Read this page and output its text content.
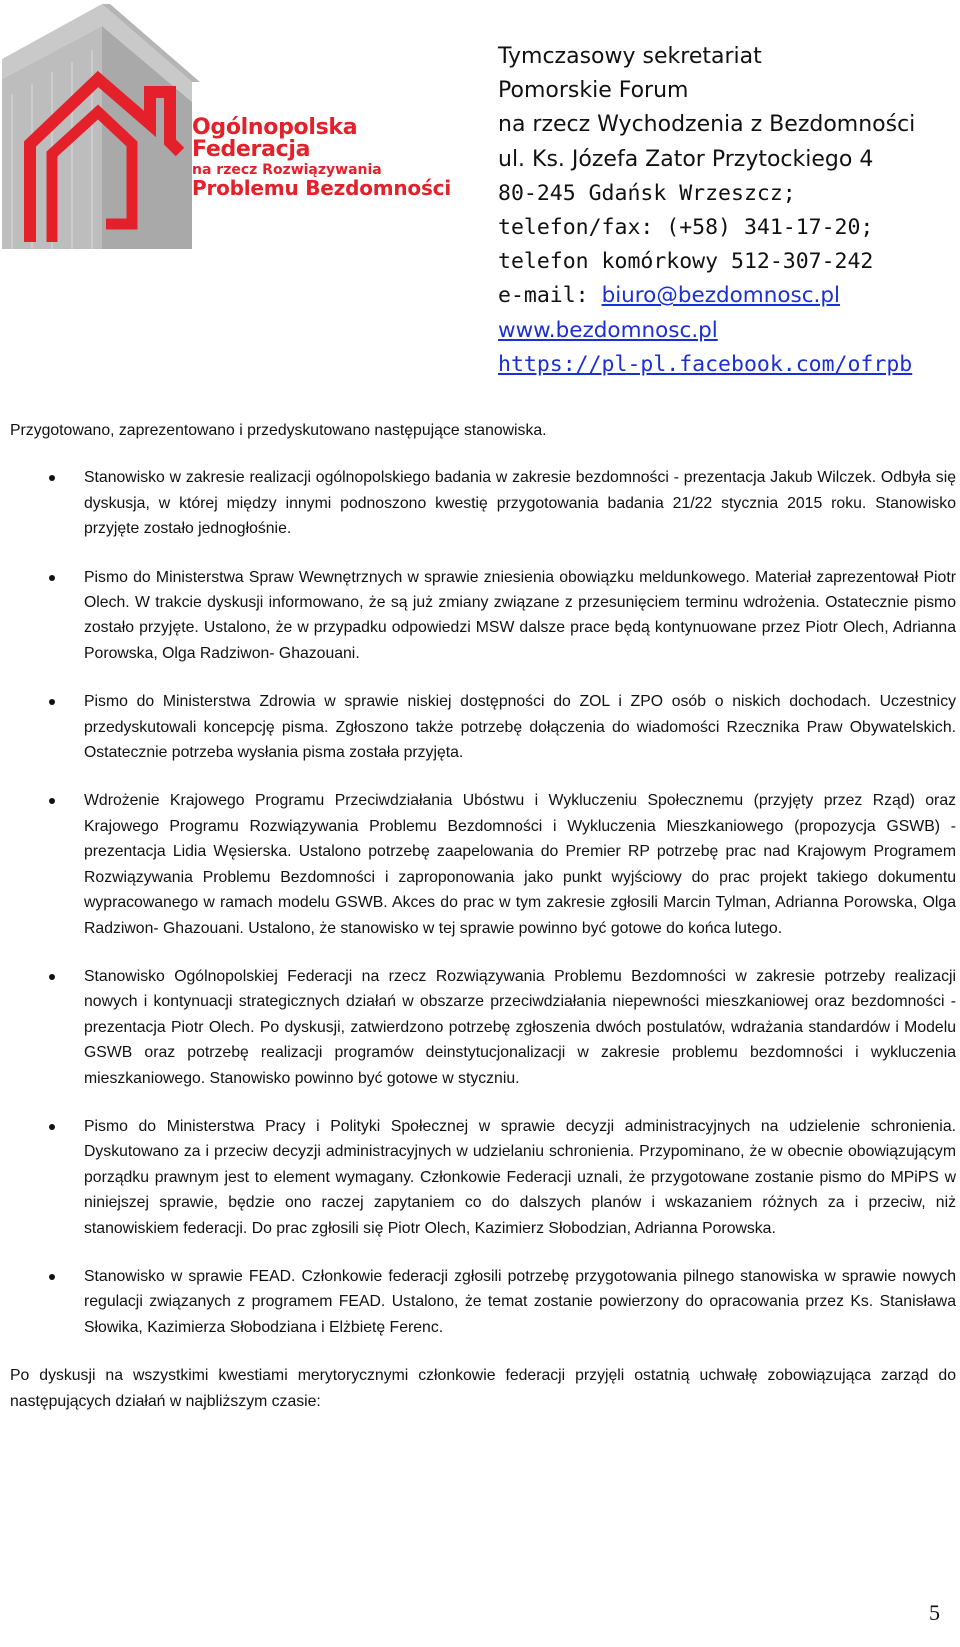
Ogólnopolska Federacja
na rzecz Rozwiązywania
Problemu Bezdomności
Tymczasowy sekretariat
Pomorskie Forum
na rzecz Wychodzenia z Bezdomności
ul. Ks. Józefa Zator Przytockiego 4
80-245 Gdańsk Wrzeszcz;
telefon/fax: (+58) 341-17-20;
telefon komórkowy 512-307-242
e-mail: biuro@bezdomnosc.pl
www.bezdomnosc.pl
https://pl-pl.facebook.com/ofrpb

Przygotowano, zaprezentowano i przedyskutowano następujące stanowiska.

Stanowisko w zakresie realizacji ogólnopolskiego badania w zakresie bezdomności - prezentacja Jakub Wilczek. Odbyła się dyskusja, w której między innymi podnoszono kwestię przygotowania badania 21/22 stycznia 2015 roku. Stanowisko przyjęte zostało jednogłośnie.
Pismo do Ministerstwa Spraw Wewnętrznych w sprawie zniesienia obowiązku meldunkowego. Materiał zaprezentował Piotr Olech. W trakcie dyskusji informowano, że są już zmiany związane z przesunięciem terminu wdrożenia. Ostatecznie pismo zostało przyjęte. Ustalono, że w przypadku odpowiedzi MSW dalsze prace będą kontynuowane przez Piotr Olech, Adrianna Porowska, Olga Radziwon- Ghazouani.
Pismo do Ministerstwa Zdrowia w sprawie niskiej dostępności do ZOL i ZPO osób o niskich dochodach. Uczestnicy przedyskutowali koncepcję pisma. Zgłoszono także potrzebę dołączenia do wiadomości Rzecznika Praw Obywatelskich. Ostatecznie potrzeba wysłania pisma została przyjęta.
Wdrożenie Krajowego Programu Przeciwdziałania Ubóstwu i Wykluczeniu Społecznemu (przyjęty przez Rząd) oraz Krajowego Programu Rozwiązywania Problemu Bezdomności i Wykluczenia Mieszkaniowego (propozycja GSWB) - prezentacja Lidia Węsierska. Ustalono potrzebę zaapelowania do Premier RP potrzebę prac nad Krajowym Programem Rozwiązywania Problemu Bezdomności i zaproponowania jako punkt wyjściowy do prac projekt takiego dokumentu wypracowanego w ramach modelu GSWB. Akces do prac w tym zakresie zgłosili Marcin Tylman, Adrianna Porowska, Olga Radziwon- Ghazouani. Ustalono, że stanowisko w tej sprawie powinno być gotowe do końca lutego.
Stanowisko Ogólnopolskiej Federacji na rzecz Rozwiązywania Problemu Bezdomności w zakresie potrzeby realizacji nowych i kontynuacji strategicznych działań w obszarze przeciwdziałania niepewności mieszkaniowej oraz bezdomności - prezentacja Piotr Olech. Po dyskusji, zatwierdzono potrzebę zgłoszenia dwóch postulatów, wdrażania standardów i Modelu GSWB oraz potrzebę realizacji programów deinstytucjonalizacji w zakresie problemu bezdomności i wykluczenia mieszkaniowego. Stanowisko powinno być gotowe w styczniu.
Pismo do Ministerstwa Pracy i Polityki Społecznej w sprawie decyzji administracyjnych na udzielenie schronienia. Dyskutowano za i przeciw decyzji administracyjnych w udzielaniu schronienia. Przypominano, że w obecnie obowiązującym porządku prawnym jest to element wymagany. Członkowie Federacji uznali, że przygotowane zostanie pismo do MPiPS w niniejszej sprawie, będzie ono raczej zapytaniem co do dalszych planów i wskazaniem różnych za i przeciw, niż stanowiskiem federacji. Do prac zgłosili się Piotr Olech, Kazimierz Słobodzian, Adrianna Porowska.
Stanowisko w sprawie FEAD. Członkowie federacji zgłosili potrzebę przygotowania pilnego stanowiska w sprawie nowych regulacji związanych z programem FEAD. Ustalono, że temat zostanie powierzony do opracowania przez Ks. Stanisława Słowika, Kazimierza Słobodziana i Elżbietę Ferenc.

Po dyskusji na wszystkimi kwestiami merytorycznymi członkowie federacji przyjęli ostatnią uchwałę zobowiązująca zarząd do następujących działań w najbliższym czasie:

5
